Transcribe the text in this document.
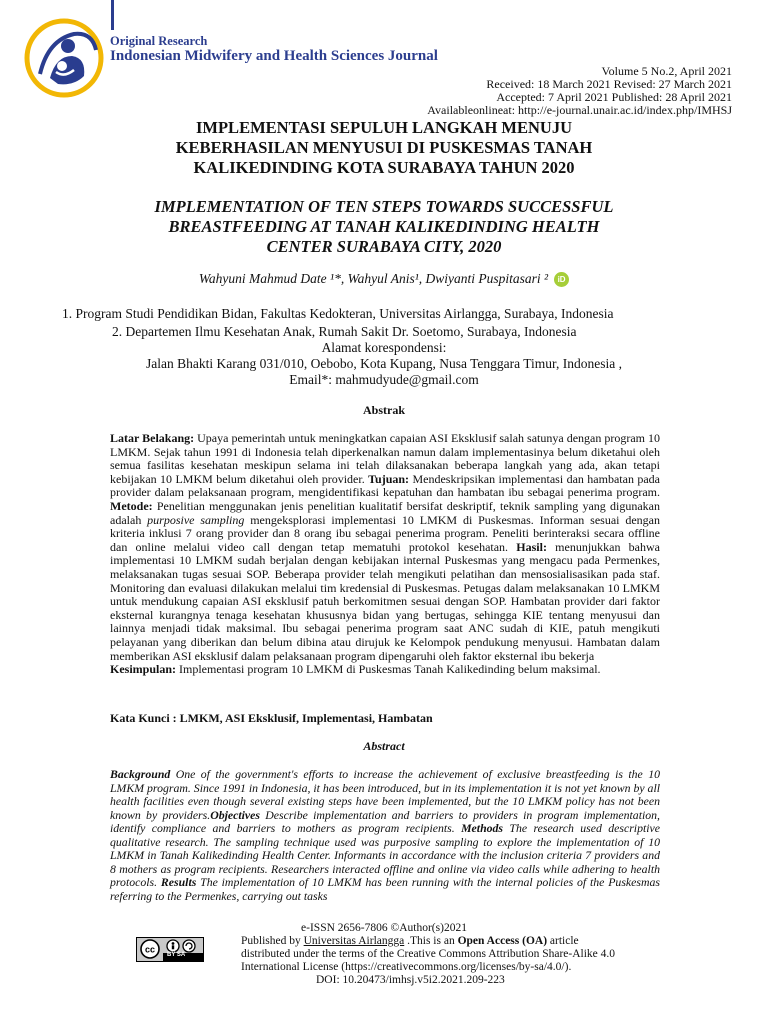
Original Research
Indonesian Midwifery and Health Sciences Journal
Volume 5 No.2, April 2021
Received: 18 March 2021 Revised: 27 March 2021
Accepted: 7 April 2021 Published: 28 April 2021
Availableonlineat: http://e-journal.unair.ac.id/index.php/IMHSJ
IMPLEMENTASI SEPULUH LANGKAH MENUJU
KEBERHASILAN MENYUSUI DI PUSKESMAS TANAH
KALIKEDINDING KOTA SURABAYA TAHUN 2020
IMPLEMENTATION OF TEN STEPS TOWARDS SUCCESSFUL
BREASTFEEDING AT TANAH KALIKEDINDING HEALTH
CENTER SURABAYA CITY, 2020
Wahyuni Mahmud Date ¹*, Wahyul Anis¹, Dwiyanti Puspitasari ² iD
1. Program Studi Pendidikan Bidan, Fakultas Kedokteran, Universitas Airlangga, Surabaya, Indonesia
2. Departemen Ilmu Kesehatan Anak, Rumah Sakit Dr. Soetomo, Surabaya, Indonesia
Alamat korespondensi:
Jalan Bhakti Karang 031/010, Oebobo, Kota Kupang, Nusa Tenggara Timur, Indonesia ,
Email*: mahmudyude@gmail.com
Abstrak
Latar Belakang: Upaya pemerintah untuk meningkatkan capaian ASI Eksklusif salah satunya dengan program 10 LMKM. Sejak tahun 1991 di Indonesia telah diperkenalkan namun dalam implementasinya belum diketahui oleh semua fasilitas kesehatan meskipun selama ini telah dilaksanakan beberapa langkah yang ada, akan tetapi kebijakan 10 LMKM belum diketahui oleh provider. Tujuan: Mendeskripsikan implementasi dan hambatan pada provider dalam pelaksanaan program, mengidentifikasi kepatuhan dan hambatan ibu sebagai penerima program. Metode: Penelitian menggunakan jenis penelitian kualitatif bersifat deskriptif, teknik sampling yang digunakan adalah purposive sampling mengeksplorasi implementasi 10 LMKM di Puskesmas. Informan sesuai dengan kriteria inklusi 7 orang provider dan 8 orang ibu sebagai penerima program. Peneliti berinteraksi secara offline dan online melalui video call dengan tetap mematuhi protokol kesehatan. Hasil: menunjukkan bahwa implementasi 10 LMKM sudah berjalan dengan kebijakan internal Puskesmas yang mengacu pada Permenkes, melaksanakan tugas sesuai SOP. Beberapa provider telah mengikuti pelatihan dan mensosialisasikan pada staf. Monitoring dan evaluasi dilakukan melalui tim kredensial di Puskesmas. Petugas dalam melaksanakan 10 LMKM untuk mendukung capaian ASI eksklusif patuh berkomitmen sesuai dengan SOP. Hambatan provider dari faktor eksternal kurangnya tenaga kesehatan khususnya bidan yang bertugas, sehingga KIE tentang menyusui dan lainnya menjadi tidak maksimal. Ibu sebagai penerima program saat ANC sudah di KIE, patuh mengikuti pelayanan yang diberikan dan belum dibina atau dirujuk ke Kelompok pendukung menyusui. Hambatan dalam memberikan ASI eksklusif dalam pelaksanaan program dipengaruhi oleh faktor eksternal ibu bekerja
Kesimpulan: Implementasi program 10 LMKM di Puskesmas Tanah Kalikedinding belum maksimal.
Kata Kunci : LMKM, ASI Eksklusif, Implementasi, Hambatan
Abstract
Background One of the government's efforts to increase the achievement of exclusive breastfeeding is the 10 LMKM program. Since 1991 in Indonesia, it has been introduced, but in its implementation it is not yet known by all health facilities even though several existing steps have been implemented, but the 10 LMKM policy has not been known by providers.Objectives Describe implementation and barriers to providers in program implementation, identify compliance and barriers to mothers as program recipients. Methods The research used descriptive qualitative research. The sampling technique used was purposive sampling to explore the implementation of 10 LMKM in Tanah Kalikedinding Health Center. Informants in accordance with the inclusion criteria 7 providers and 8 mothers as program recipients. Researchers interacted offline and online via video calls while adhering to health protocols. Results The implementation of 10 LMKM has been running with the internal policies of the Puskesmas referring to the Permenkes, carrying out tasks
e-ISSN 2656-7806 ©Author(s)2021
cc
BY SA
Published by Universitas Airlangga .This is an Open Access (OA) article
distributed under the terms of the Creative Commons Attribution Share-Alike 4.0
International License (https://creativecommons.org/licenses/by-sa/4.0/).
DOI: 10.20473/imhsj.v5i2.2021.209-223
